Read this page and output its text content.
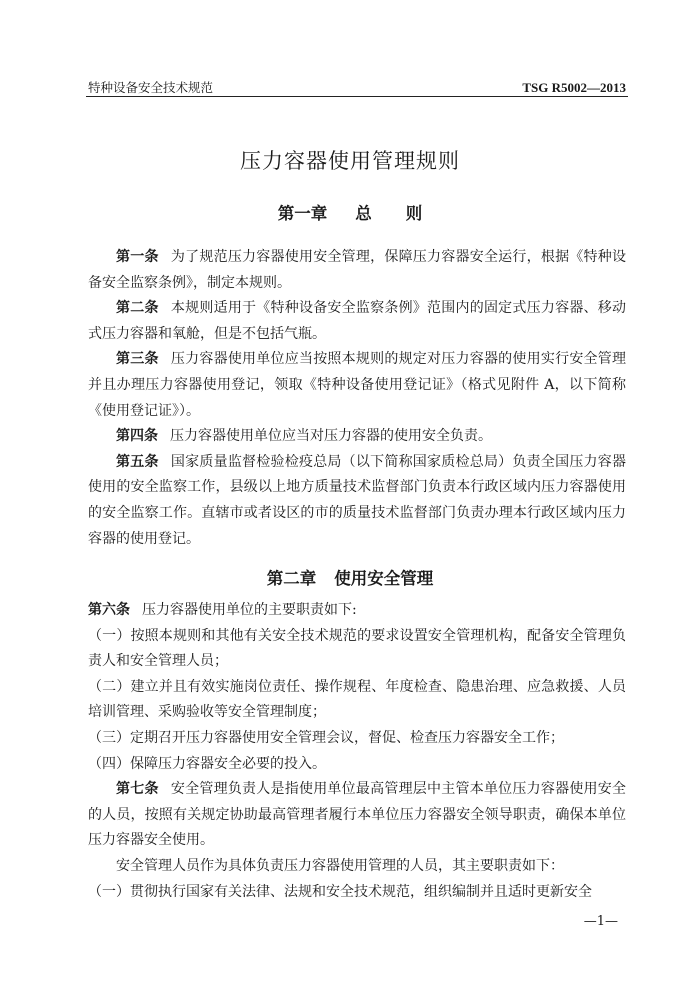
特种设备安全技术规范	TSG R5002—2013
压力容器使用管理规则
第一章 总 则

第一条 为了规范压力容器使用安全管理，保障压力容器安全运行，根据《特种设备安全监察条例》，制定本规则。

第二条 本规则适用于《特种设备安全监察条例》范围内的固定式压力容器、移动式压力容器和氧舱，但是不包括气瓶。

第三条 压力容器使用单位应当按照本规则的规定对压力容器的使用实行安全管理并且办理压力容器使用登记，领取《特种设备使用登记证》（格式见附件 A，以下简称《使用登记证》）。

第四条 压力容器使用单位应当对压力容器的使用安全负责。

第五条 国家质量监督检验检疫总局（以下简称国家质检总局）负责全国压力容器使用的安全监察工作，县级以上地方质量技术监督部门负责本行政区域内压力容器使用的安全监察工作。直辖市或者设区的市的质量技术监督部门负责办理本行政区域内压力容器的使用登记。

第二章 使用安全管理

第六条 压力容器使用单位的主要职责如下:

（一）按照本规则和其他有关安全技术规范的要求设置安全管理机构，配备安全管理负责人和安全管理人员；

（二）建立并且有效实施岗位责任、操作规程、年度检查、隐患治理、应急救援、人员培训管理、采购验收等安全管理制度；

（三）定期召开压力容器使用安全管理会议，督促、检查压力容器安全工作；

（四）保障压力容器安全必要的投入。

第七条 安全管理负责人是指使用单位最高管理层中主管本单位压力容器使用安全的人员，按照有关规定协助最高管理者履行本单位压力容器安全领导职责，确保本单位压力容器安全使用。

安全管理人员作为具体负责压力容器使用管理的人员，其主要职责如下：

（一）贯彻执行国家有关法律、法规和安全技术规范，组织编制并且适时更新安全

—1—
